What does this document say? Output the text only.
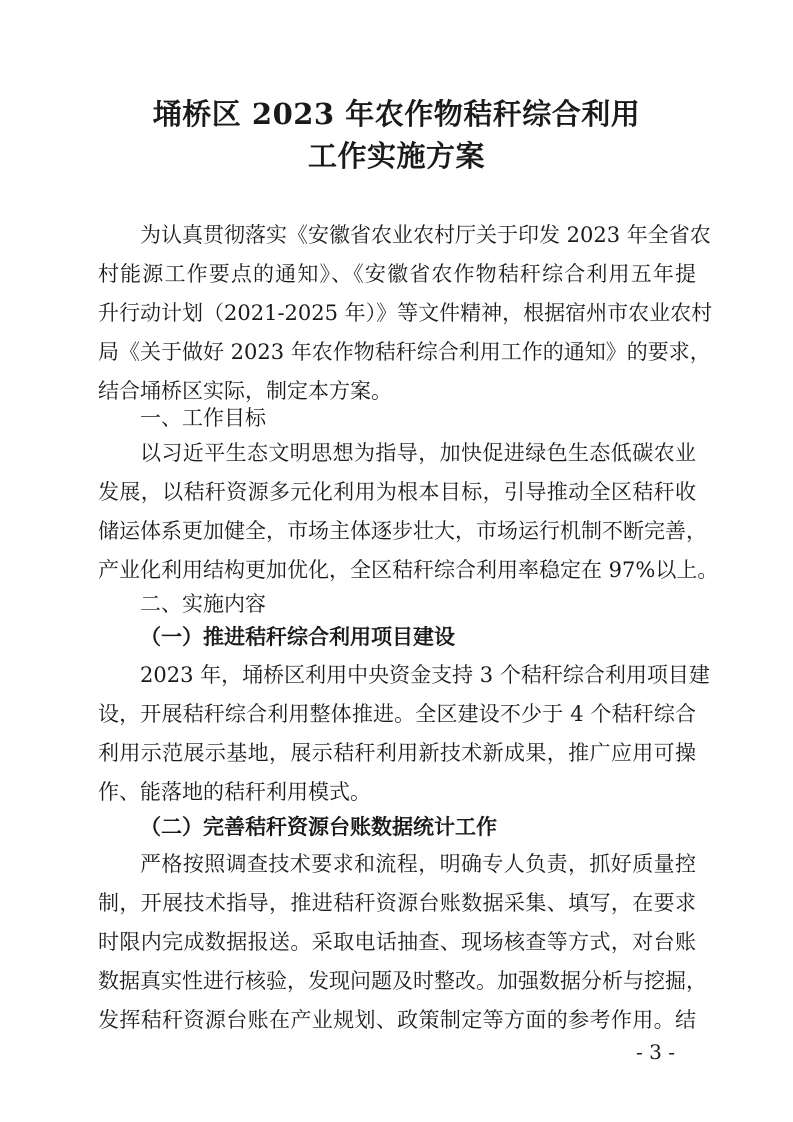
埇桥区 2023 年农作物秸秆综合利用
工作实施方案
为认真贯彻落实《安徽省农业农村厅关于印发 2023 年全省农
村能源工作要点的通知》、《安徽省农作物秸秆综合利用五年提
升行动计划（2021-2025 年）》等文件精神，根据宿州市农业农村
局《关于做好 2023 年农作物秸秆综合利用工作的通知》的要求，
结合埇桥区实际，制定本方案。
一、工作目标
以习近平生态文明思想为指导，加快促进绿色生态低碳农业
发展，以秸秆资源多元化利用为根本目标，引导推动全区秸秆收
储运体系更加健全，市场主体逐步壮大，市场运行机制不断完善，
产业化利用结构更加优化，全区秸秆综合利用率稳定在 97%以上。
二、实施内容
（一）推进秸秆综合利用项目建设
2023 年，埇桥区利用中央资金支持 3 个秸秆综合利用项目建
设，开展秸秆综合利用整体推进。全区建设不少于 4 个秸秆综合
利用示范展示基地，展示秸秆利用新技术新成果，推广应用可操
作、能落地的秸秆利用模式。
（二）完善秸秆资源台账数据统计工作
严格按照调查技术要求和流程，明确专人负责，抓好质量控
制，开展技术指导，推进秸秆资源台账数据采集、填写，在要求
时限内完成数据报送。采取电话抽查、现场核查等方式，对台账
数据真实性进行核验，发现问题及时整改。加强数据分析与挖掘，
发挥秸秆资源台账在产业规划、政策制定等方面的参考作用。结
- 3 -
